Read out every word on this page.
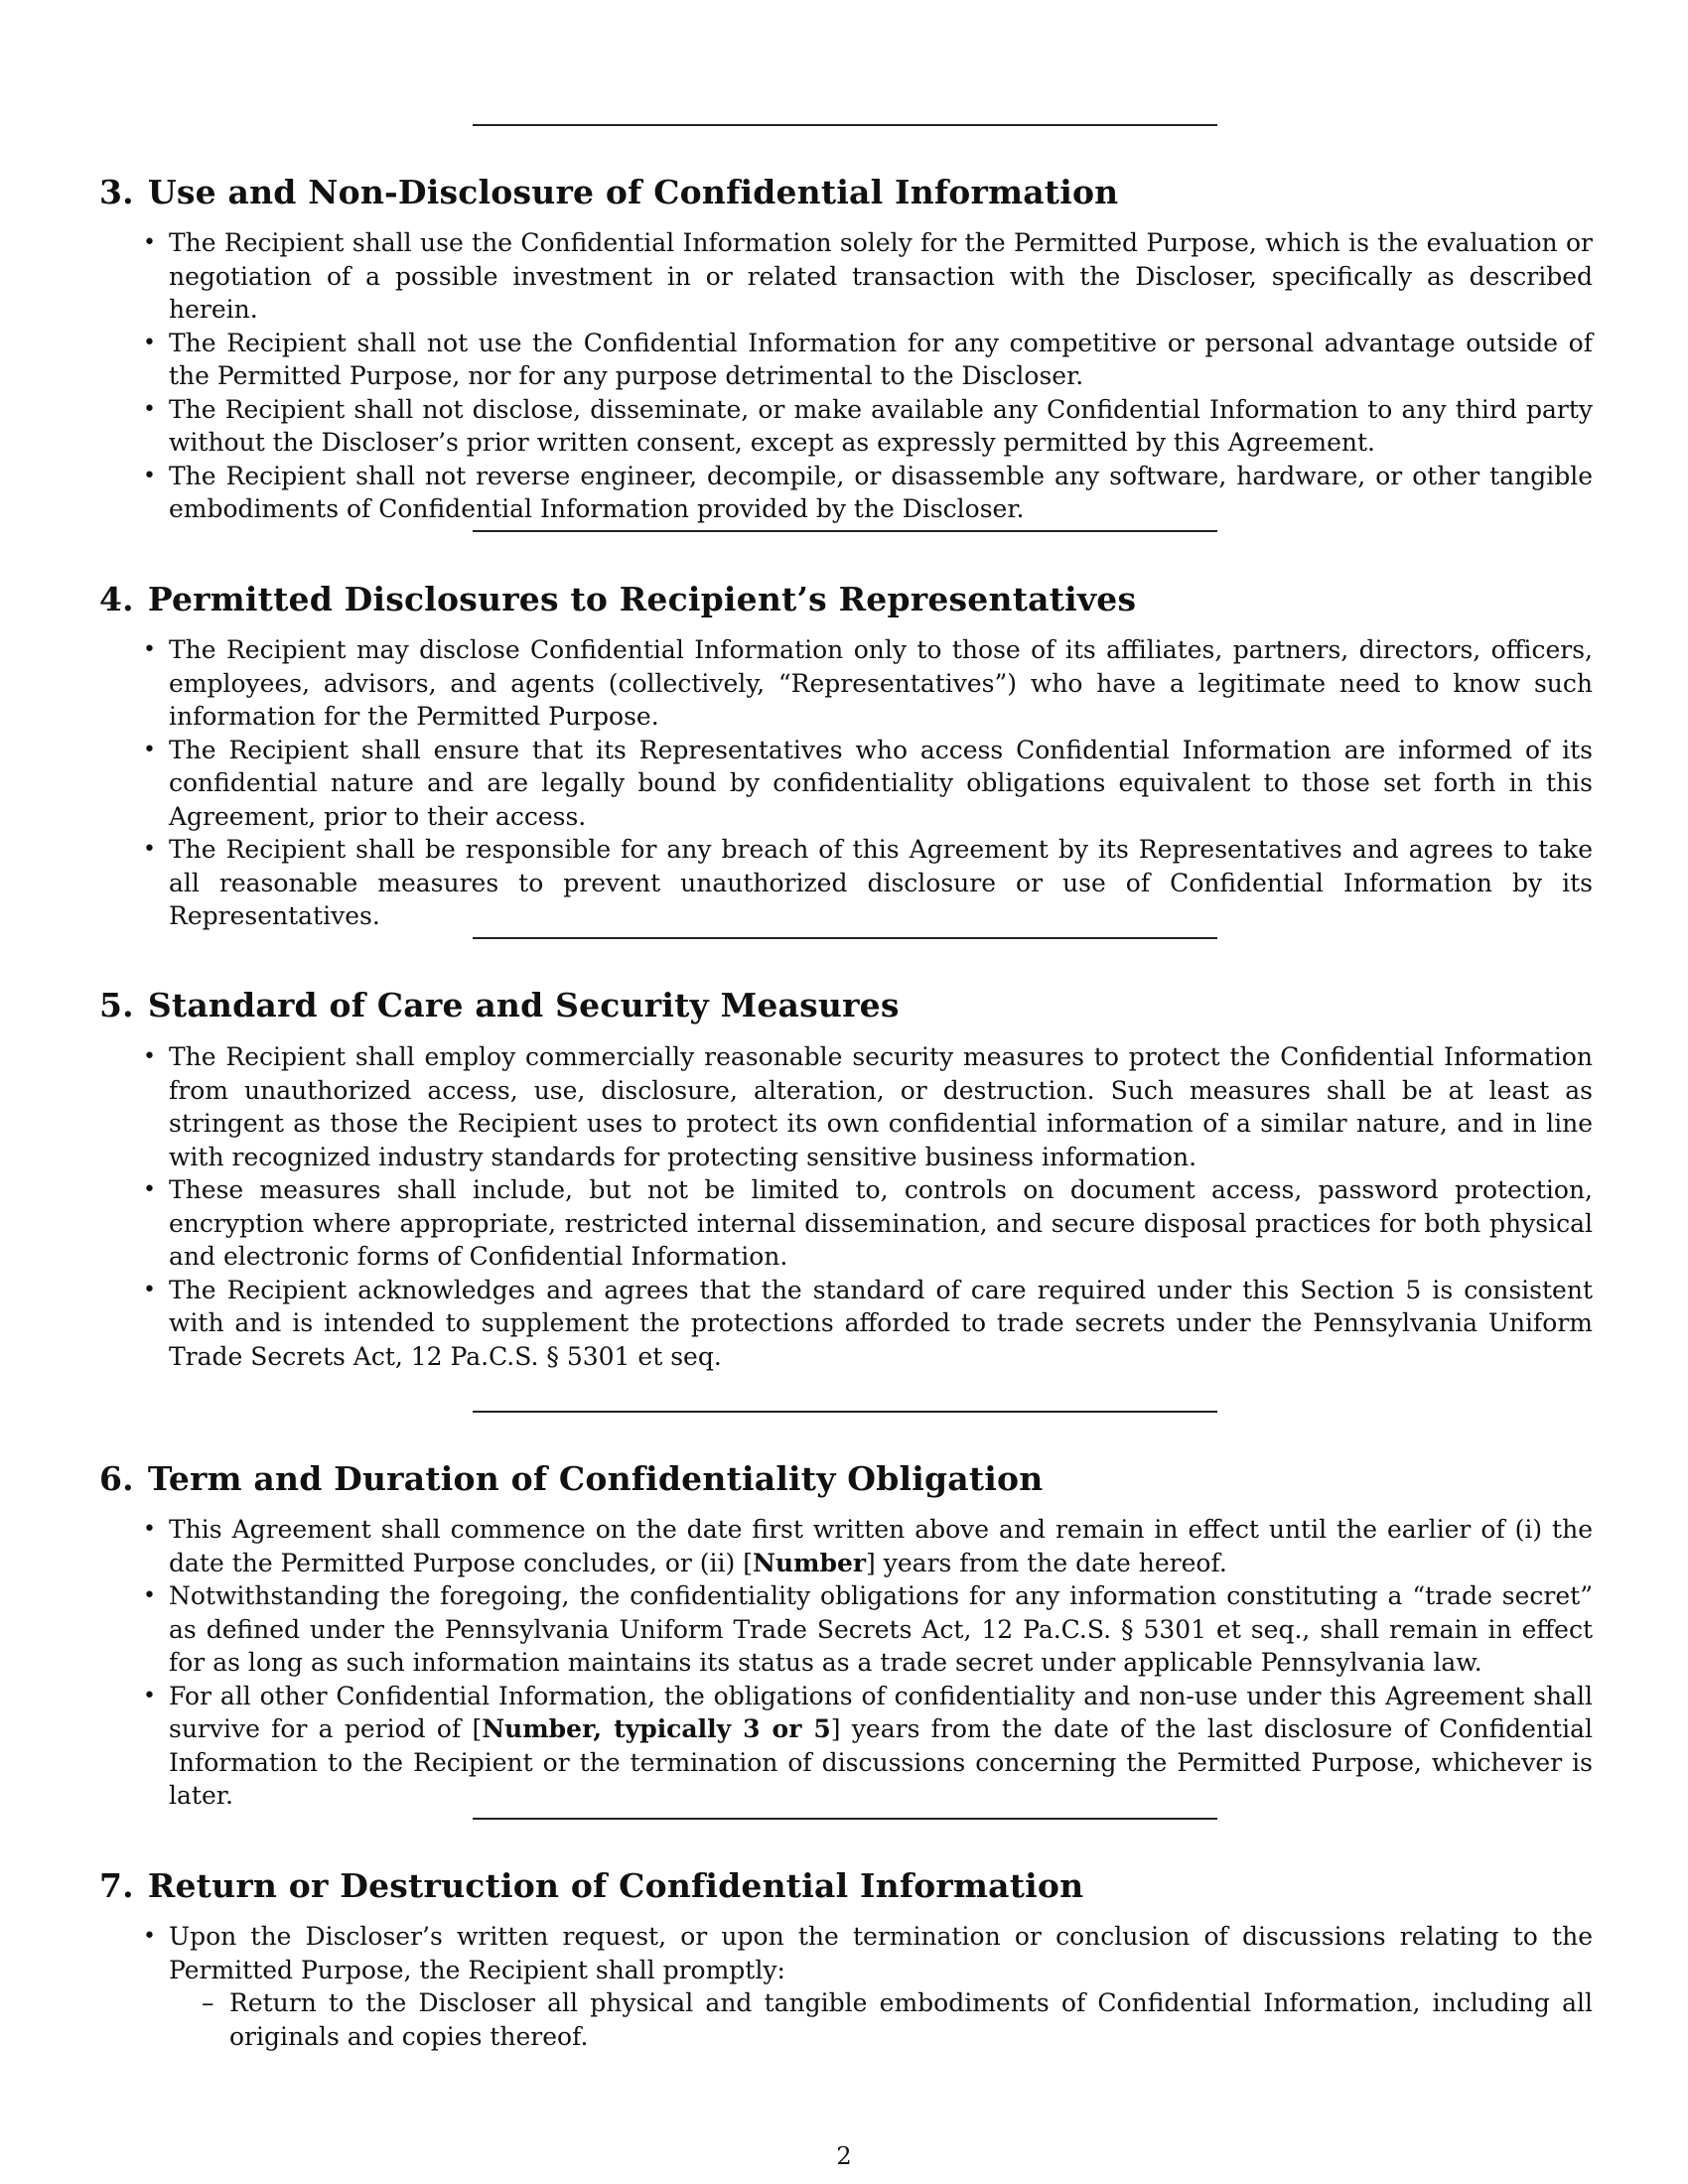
3. Use and Non-Disclosure of Confidential Information
• The Recipient shall use the Confidential Information solely for the Permitted Purpose, which is the evaluation or negotiation of a possible investment in or related transaction with the Discloser, specifically as described herein.
• The Recipient shall not use the Confidential Information for any competitive or personal advantage outside of the Permitted Purpose, nor for any purpose detrimental to the Discloser.
• The Recipient shall not disclose, disseminate, or make available any Confidential Information to any third party without the Discloser’s prior written consent, except as expressly permitted by this Agreement.
• The Recipient shall not reverse engineer, decompile, or disassemble any software, hardware, or other tangible embodiments of Confidential Information provided by the Discloser.
4. Permitted Disclosures to Recipient’s Representatives
• The Recipient may disclose Confidential Information only to those of its affiliates, partners, directors, officers, employees, advisors, and agents (collectively, “Representatives”) who have a legitimate need to know such information for the Permitted Purpose.
• The Recipient shall ensure that its Representatives who access Confidential Information are informed of its confidential nature and are legally bound by confidentiality obligations equivalent to those set forth in this Agreement, prior to their access.
• The Recipient shall be responsible for any breach of this Agreement by its Representatives and agrees to take all reasonable measures to prevent unauthorized disclosure or use of Confidential Information by its Representatives.
5. Standard of Care and Security Measures
• The Recipient shall employ commercially reasonable security measures to protect the Confidential Information from unauthorized access, use, disclosure, alteration, or destruction. Such measures shall be at least as stringent as those the Recipient uses to protect its own confidential information of a similar nature, and in line with recognized industry standards for protecting sensitive business information.
• These measures shall include, but not be limited to, controls on document access, password protection, encryption where appropriate, restricted internal dissemination, and secure disposal practices for both physical and electronic forms of Confidential Information.
• The Recipient acknowledges and agrees that the standard of care required under this Section 5 is consistent with and is intended to supplement the protections afforded to trade secrets under the Pennsylvania Uniform Trade Secrets Act, 12 Pa.C.S. § 5301 et seq.
6. Term and Duration of Confidentiality Obligation
• This Agreement shall commence on the date first written above and remain in effect until the earlier of (i) the date the Permitted Purpose concludes, or (ii) [Number] years from the date hereof.
• Notwithstanding the foregoing, the confidentiality obligations for any information constituting a “trade secret” as defined under the Pennsylvania Uniform Trade Secrets Act, 12 Pa.C.S. § 5301 et seq., shall remain in effect for as long as such information maintains its status as a trade secret under applicable Pennsylvania law.
• For all other Confidential Information, the obligations of confidentiality and non-use under this Agreement shall survive for a period of [Number, typically 3 or 5] years from the date of the last disclosure of Confidential Information to the Recipient or the termination of discussions concerning the Permitted Purpose, whichever is later.
7. Return or Destruction of Confidential Information
• Upon the Discloser’s written request, or upon the termination or conclusion of discussions relating to the Permitted Purpose, the Recipient shall promptly:
– Return to the Discloser all physical and tangible embodiments of Confidential Information, including all originals and copies thereof.
2
